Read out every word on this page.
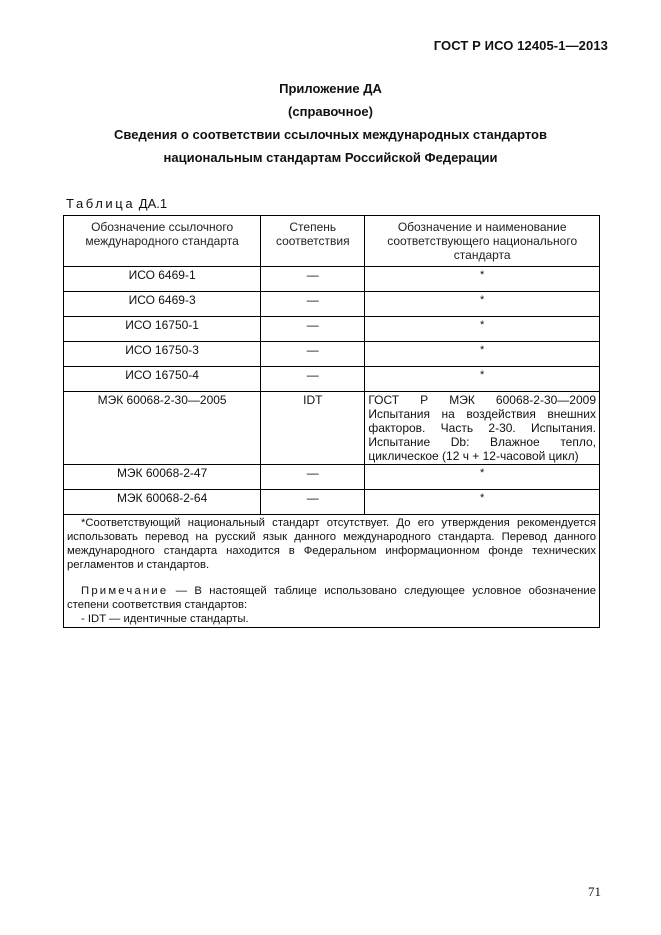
ГОСТ Р ИСО 12405-1—2013
Приложение ДА
(справочное)
Сведения о соответствии ссылочных международных стандартов
национальным стандартам Российской Федерации
Таблица ДА.1
Обозначение ссылочного международного стандарта	Степень соответствия	Обозначение и наименование соответствующего национального стандарта
ИСО 6469-1	—	*
ИСО 6469-3	—	*
ИСО 16750-1	—	*
ИСО 16750-3	—	*
ИСО 16750-4	—	*
МЭК 60068-2-30—2005	IDT	ГОСТ Р МЭК 60068-2-30—2009 Испытания на воздействия внешних факторов. Часть 2-30. Испытания. Испытание Db: Влажное тепло, циклическое (12 ч + 12-часовой цикл)
МЭК 60068-2-47	—	*
МЭК 60068-2-64	—	*

*Соответствующий национальный стандарт отсутствует. До его утверждения рекомендуется использовать перевод на русский язык данного международного стандарта. Перевод данного международного стандарта находится в Федеральном информационном фонде технических регламентов и стандартов.

Примечание — В настоящей таблице использовано следующее условное обозначение степени соответствия стандартов:

- IDT — идентичные стандарты.		

71
